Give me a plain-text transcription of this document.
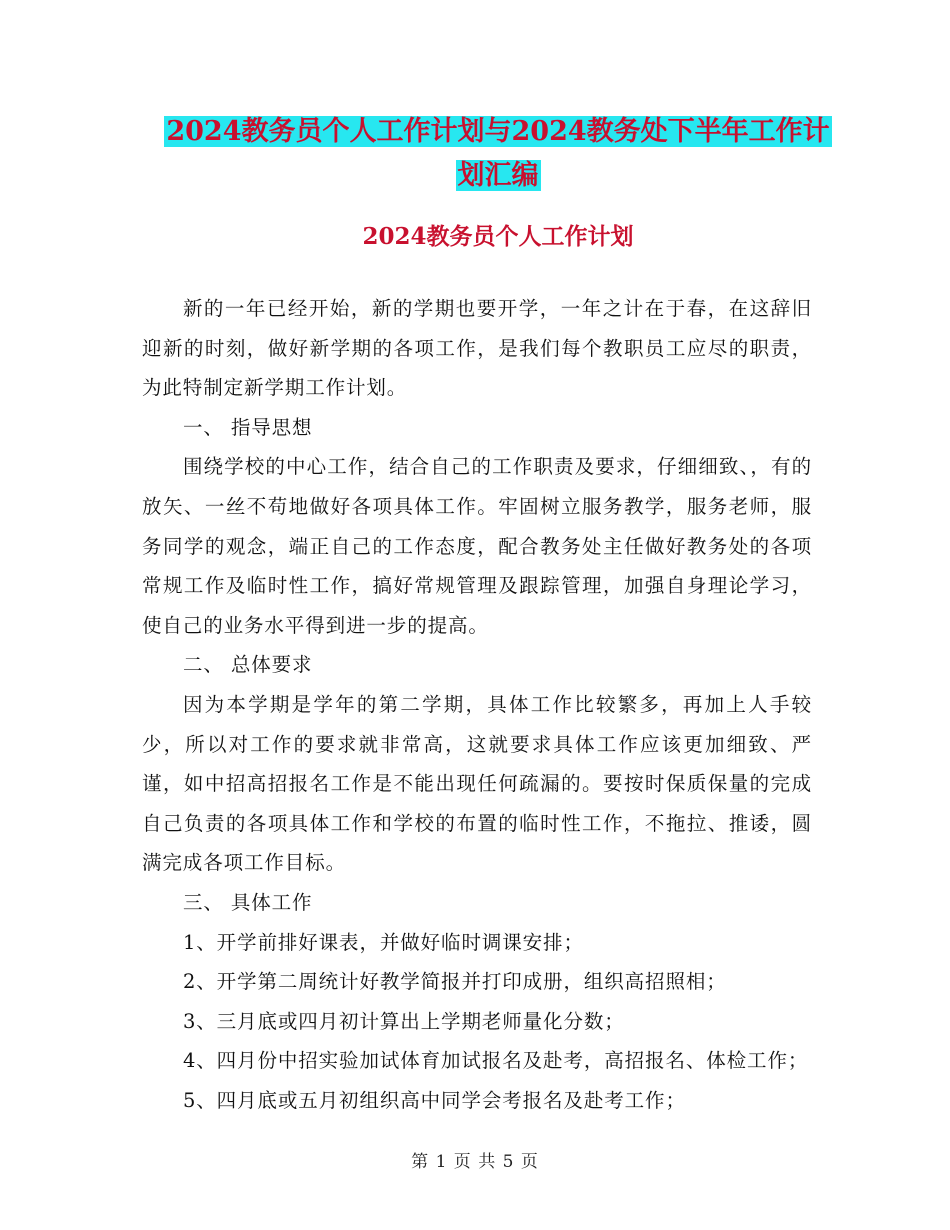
2024教务员个人工作计划与2024教务处下半年工作计
划汇编
2024教务员个人工作计划

新的一年已经开始，新的学期也要开学，一年之计在于春，在这辞旧迎新的时刻，做好新学期的各项工作，是我们每个教职员工应尽的职责，为此特制定新学期工作计划。

一、 指导思想

围绕学校的中心工作，结合自己的工作职责及要求，仔细细致、，有的放矢、一丝不苟地做好各项具体工作。牢固树立服务教学，服务老师，服务同学的观念，端正自己的工作态度，配合教务处主任做好教务处的各项常规工作及临时性工作，搞好常规管理及跟踪管理，加强自身理论学习，使自己的业务水平得到进一步的提高。

二、 总体要求

因为本学期是学年的第二学期，具体工作比较繁多，再加上人手较少，所以对工作的要求就非常高，这就要求具体工作应该更加细致、严谨，如中招高招报名工作是不能出现任何疏漏的。要按时保质保量的完成自己负责的各项具体工作和学校的布置的临时性工作，不拖拉、推诿，圆满完成各项工作目标。

三、 具体工作

1、开学前排好课表，并做好临时调课安排；

2、开学第二周统计好教学简报并打印成册，组织高招照相；

3、三月底或四月初计算出上学期老师量化分数；

4、四月份中招实验加试体育加试报名及赴考，高招报名、体检工作；

5、四月底或五月初组织高中同学会考报名及赴考工作；

第 1 页 共 5 页
